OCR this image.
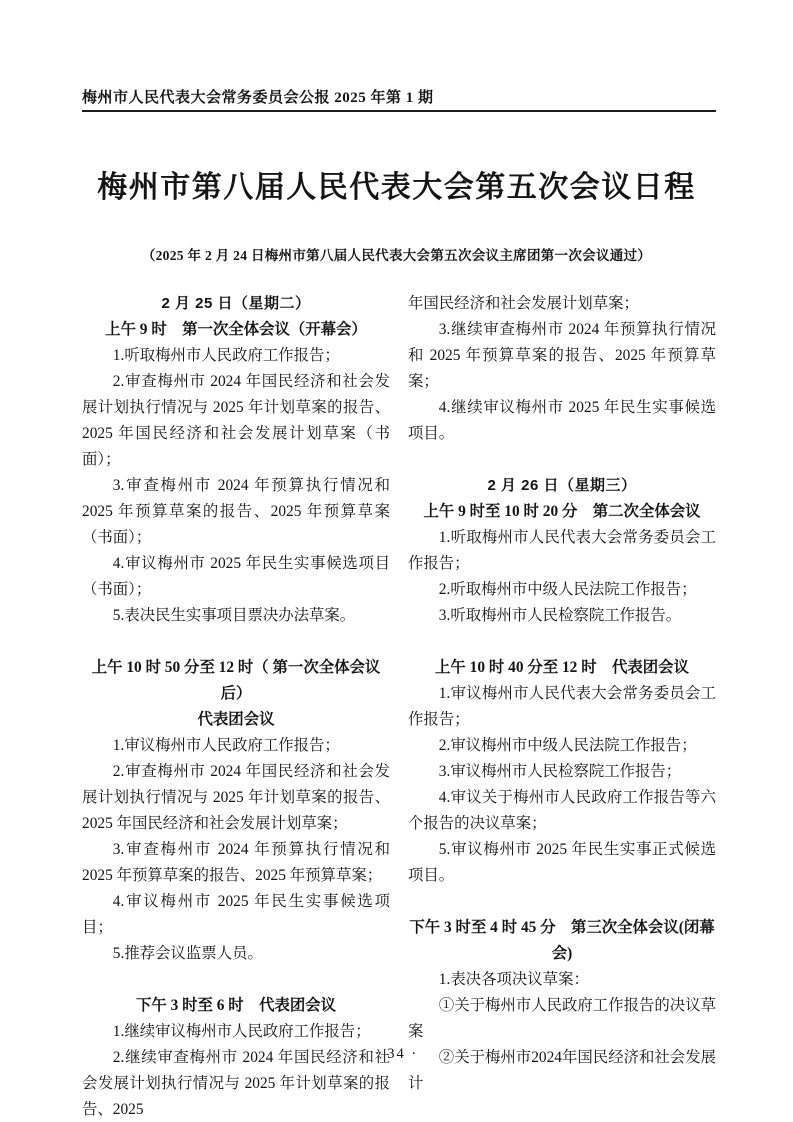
梅州市人民代表大会常务委员会公报 2025 年第 1 期
梅州市第八届人民代表大会第五次会议日程
（2025 年 2 月 24 日梅州市第八届人民代表大会第五次会议主席团第一次会议通过）

2 月 25 日（星期二）

上午 9 时　第一次全体会议（开幕会）

1.听取梅州市人民政府工作报告；

2.审查梅州市 2024 年国民经济和社会发展计划执行情况与 2025 年计划草案的报告、2025 年国民经济和社会发展计划草案（书面）；

3.审查梅州市 2024 年预算执行情况和 2025 年预算草案的报告、2025 年预算草案（书面）；

4.审议梅州市 2025 年民生实事候选项目（书面）；

5.表决民生实事项目票决办法草案。

上午 10 时 50 分至 12 时（ 第一次全体会议后）

代表团会议

1.审议梅州市人民政府工作报告；

2.审查梅州市 2024 年国民经济和社会发展计划执行情况与 2025 年计划草案的报告、2025 年国民经济和社会发展计划草案；

3.审查梅州市 2024 年预算执行情况和 2025 年预算草案的报告、2025 年预算草案；

4.审议梅州市 2025 年民生实事候选项目；

5.推荐会议监票人员。

下午 3 时至 6 时　代表团会议

1.继续审议梅州市人民政府工作报告；

2.继续审查梅州市 2024 年国民经济和社会发展计划执行情况与 2025 年计划草案的报告、2025

年国民经济和社会发展计划草案；

3.继续审查梅州市 2024 年预算执行情况和 2025 年预算草案的报告、2025 年预算草案；

4.继续审议梅州市 2025 年民生实事候选项目。

2 月 26 日（星期三）

上午 9 时至 10 时 20 分　第二次全体会议

1.听取梅州市人民代表大会常务委员会工作报告；

2.听取梅州市中级人民法院工作报告；

3.听取梅州市人民检察院工作报告。

上午 10 时 40 分至 12 时　代表团会议

1.审议梅州市人民代表大会常务委员会工作报告；

2.审议梅州市中级人民法院工作报告；

3.审议梅州市人民检察院工作报告；

4.审议关于梅州市人民政府工作报告等六个报告的决议草案；

5.审议梅州市 2025 年民生实事正式候选项目。

下午 3 时至 4 时 45 分　第三次全体会议(闭幕会)

1.表决各项决议草案：

①关于梅州市人民政府工作报告的决议草案

②关于梅州市2024年国民经济和社会发展计

· 34 ·
